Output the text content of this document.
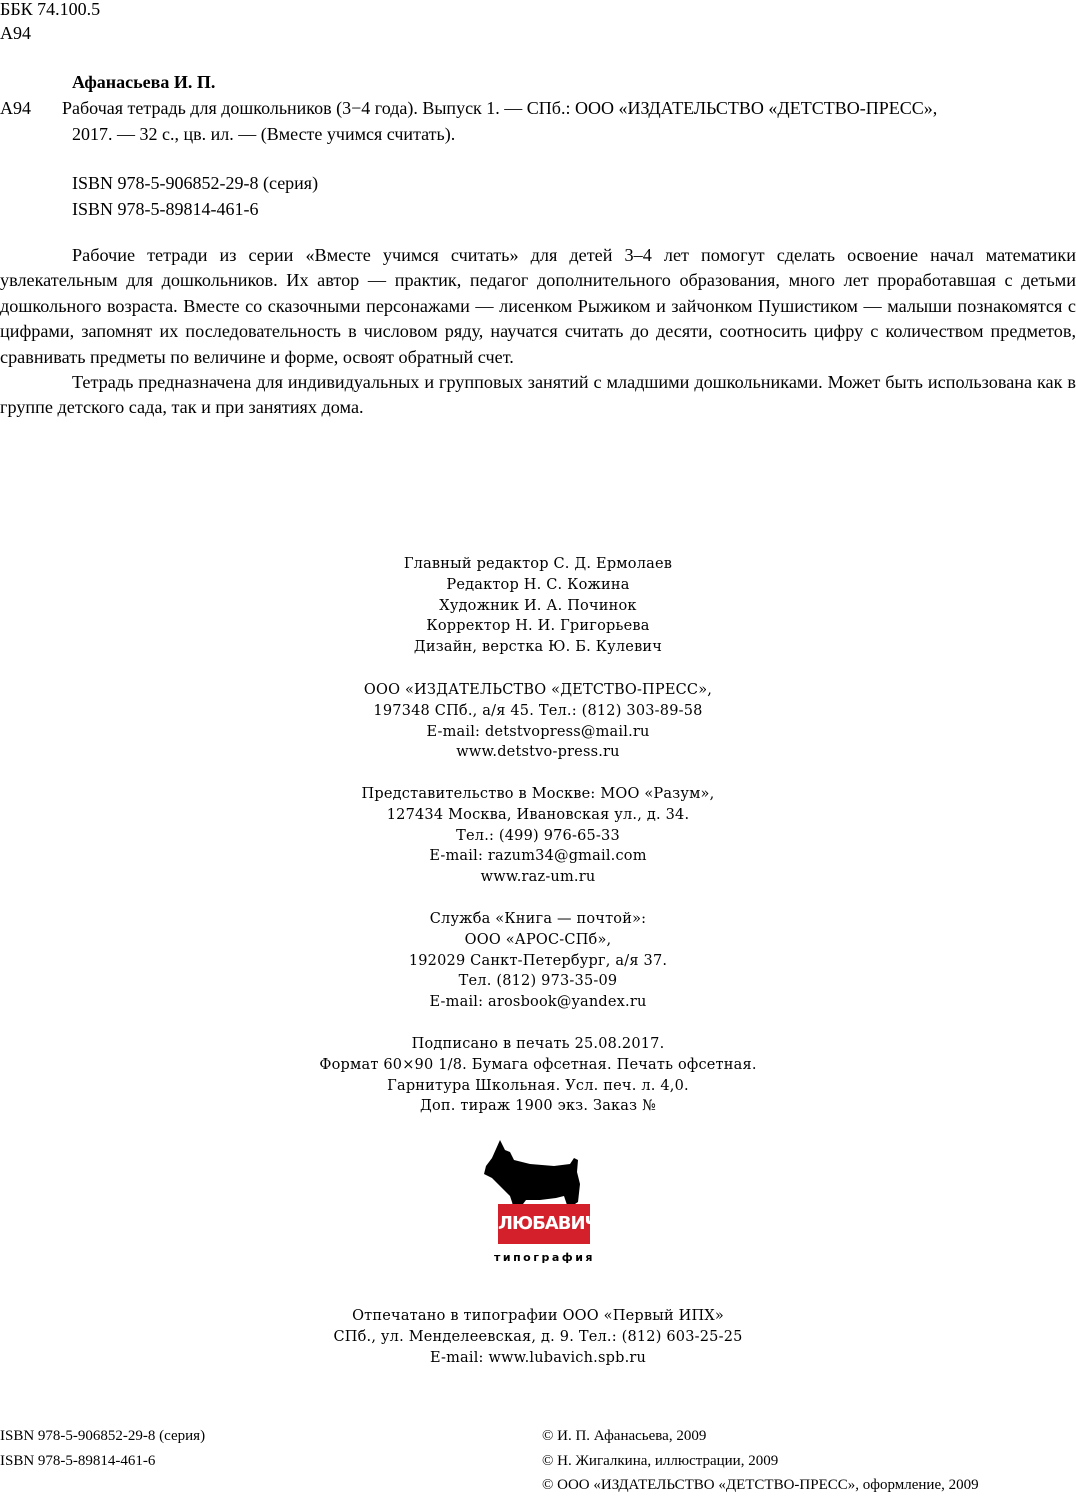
ББК 74.100.5
А94
Афанасьева И. П.
А94 Рабочая тетрадь для дошкольников (3−4 года). Выпуск 1. — СПб.: ООО «ИЗДАТЕЛЬСТВО «ДЕТСТВО-ПРЕСС»,
2017. — 32 с., цв. ил. — (Вместе учимся считать).
ISBN 978-5-906852-29-8 (серия)
ISBN 978-5-89814-461-6

Рабочие тетради из серии «Вместе учимся считать» для детей 3–4 лет помогут сделать освоение начал математики увлекательным для дошкольников. Их автор — практик, педагог дополнительного образования, много лет проработавшая с детьми дошкольного возраста. Вместе со сказочными персонажами — лисенком Рыжиком и зайчонком Пушистиком — малыши познакомятся с цифрами, запомнят их последовательность в числовом ряду, научатся считать до десяти, соотносить цифру с количеством предметов, сравнивать предметы по величине и форме, освоят обратный счет.

Тетрадь предназначена для индивидуальных и групповых занятий с младшими дошкольниками. Может быть использована как в группе детского сада, так и при занятиях дома.

Главный редактор С. Д. Ермолаев
Редактор Н. С. Кожина
Художник И. А. Починок
Корректор Н. И. Григорьева
Дизайн, верстка Ю. Б. Кулевич
ООО «ИЗДАТЕЛЬСТВО «ДЕТСТВО-ПРЕСС»,
197348 СПб., а/я 45. Тел.: (812) 303-89-58
E-mail: detstvopress@mail.ru
www.detstvo-press.ru
Представительство в Москве: МОО «Разум»,
127434 Москва, Ивановская ул., д. 34.
Тел.: (499) 976-65-33
E-mail: razum34@gmail.com
www.raz-um.ru
Служба «Книга — почтой»:
ООО «АРОС-СПб»,
192029 Санкт-Петербург, а/я 37.
Тел. (812) 973-35-09
E-mail: arosbook@yandex.ru
Подписано в печать 25.08.2017.
Формат 60×90 1/8. Бумага офсетная. Печать офсетная.
Гарнитура Школьная. Усл. печ. л. 4,0.
Доп. тираж 1900 экз. Заказ №
ЛЮБАВИЧ
типография
Отпечатано в типографии ООО «Первый ИПХ»
СПб., ул. Менделеевская, д. 9. Тел.: (812) 603-25-25
E-mail: www.lubavich.spb.ru
ISBN 978-5-906852-29-8 (серия)
ISBN 978-5-89814-461-6
© И. П. Афанасьева, 2009
© Н. Жигалкина, иллюстрации, 2009
© ООО «ИЗДАТЕЛЬСТВО «ДЕТСТВО-ПРЕСС», оформление, 2009
